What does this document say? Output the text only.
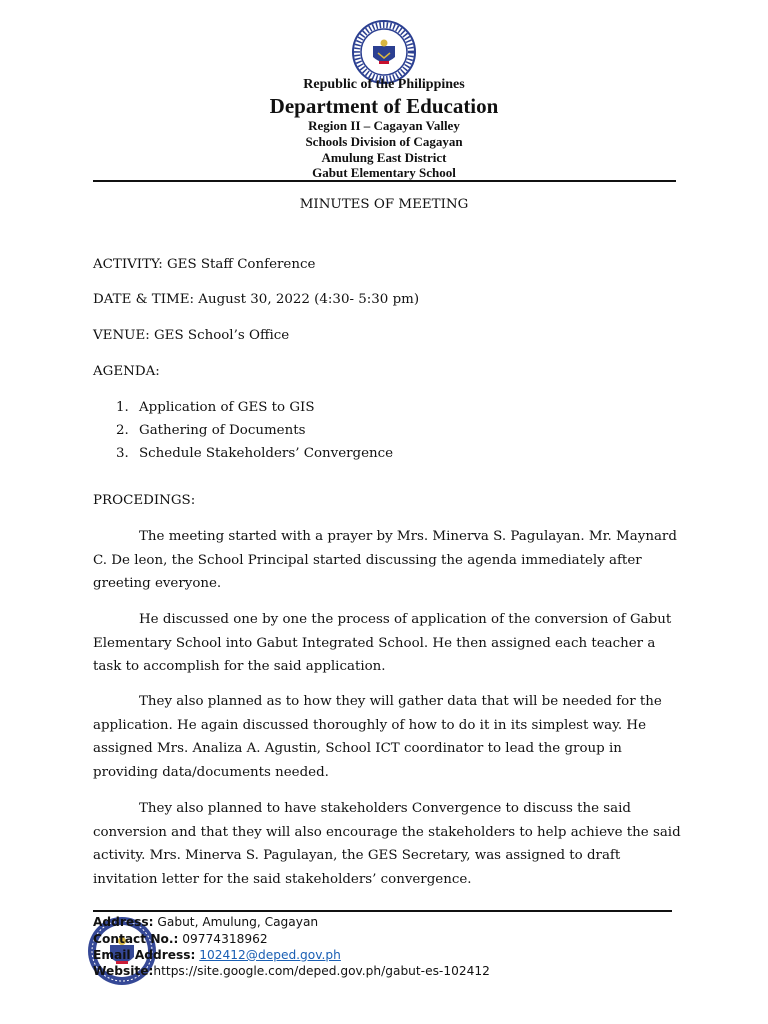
Republic of the Philippines
Department of Education
Region II – Cagayan Valley
Schools Division of Cagayan
Amulung East District
Gabut Elementary School
MINUTES OF MEETING
ACTIVITY: GES Staff Conference
DATE & TIME: August 30, 2022 (4:30- 5:30 pm)
VENUE: GES School’s Office
AGENDA:
1. Application of GES to GIS
2. Gathering of Documents
3. Schedule Stakeholders’ Convergence
PROCEDINGS:

The meeting started with a prayer by Mrs. Minerva S. Pagulayan. Mr. Maynard C. De leon, the School Principal started discussing the agenda immediately after greeting everyone.

He discussed one by one the process of application of the conversion of Gabut Elementary School into Gabut Integrated School. He then assigned each teacher a task to accomplish for the said application.

They also planned as to how they will gather data that will be needed for the application. He again discussed thoroughly of how to do it in its simplest way. He assigned Mrs. Analiza A. Agustin, School ICT coordinator to lead the group in providing data/documents needed.

They also planned to have stakeholders Convergence to discuss the said conversion and that they will also encourage the stakeholders to help achieve the said activity. Mrs. Minerva S. Pagulayan, the GES Secretary, was assigned to draft invitation letter for the said stakeholders’ convergence.

Address: Gabut, Amulung, Cagayan
Contact No.: 09774318962
Email Address: 102412@deped.gov.ph
Website:https://site.google.com/deped.gov.ph/gabut-es-102412
